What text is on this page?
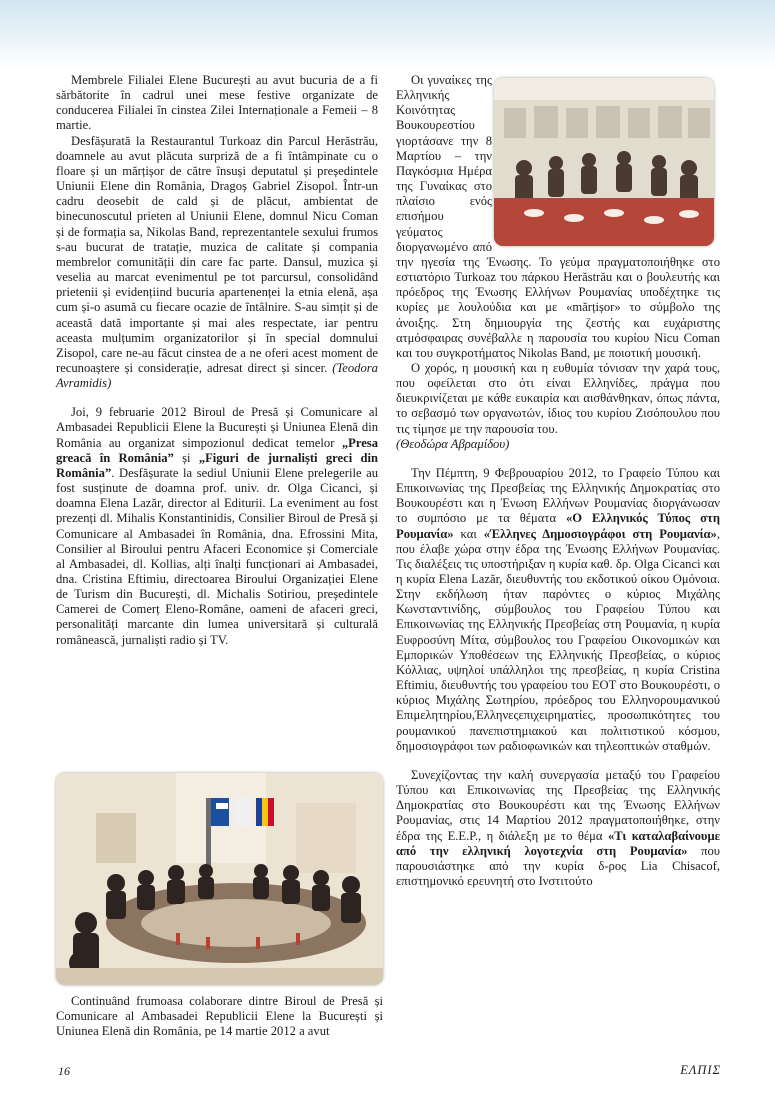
Membrele Filialei Elene București au avut bucuria de a fi sărbătorite în cadrul unei mese festive organizate de conducerea Filialei în cinstea Zilei Internaționale a Femeii – 8 martie.

Desfășurată la Restaurantul Turkoaz din Parcul Herăstrău, doamnele au avut plăcuta surpriză de a fi întâmpinate cu o floare și un mărțișor de către însuși deputatul și președintele Uniunii Elene din România, Dragoș Gabriel Zisopol. Într-un cadru deosebit de cald și de plăcut, ambientat de binecunoscutul prieten al Uniunii Elene, domnul Nicu Coman și de formația sa, Nikolas Band, reprezentantele sexului frumos s-au bucurat de tratație, muzica de calitate și compania membrelor comunității din care fac parte. Dansul, muzica și veselia au marcat evenimentul pe tot parcursul, consolidând prietenii și evidențiind bucuria apartenenței la etnia elenă, așa cum și-o asumă cu fiecare ocazie de întâlnire. S-au simțit și de această dată importante și mai ales respectate, iar pentru aceasta mulțumim organizatorilor și în special domnului Zisopol, care ne-au făcut cinstea de a ne oferi acest moment de recunoaștere și considerație, adresat direct și sincer. (Teodora Avramidis)

Joi, 9 februarie 2012 Biroul de Presă și Comunicare al Ambasadei Republicii Elene la București și Uniunea Elenă din România au organizat simpozionul dedicat temelor „Presa greacă în România” și „Figuri de jurnaliști greci din România”. Desfășurate la sediul Uniunii Elene prelegerile au fost susținute de doamna prof. univ. dr. Olga Cicanci, și doamna Elena Lazăr, director al Editurii. La eveniment au fost prezenți dl. Mihalis Konstantinidis, Consilier Biroul de Presă și Comunicare al Ambasadei în România, dna. Efrossini Mita, Consilier al Biroului pentru Afaceri Economice și Comerciale al Ambasadei, dl. Kollias, alți înalți funcționari ai Ambasadei, dna. Cristina Eftimiu, directoarea Biroului Organizației Elene de Turism din București, dl. Michalis Sotiriou, președintele Camerei de Comerț Eleno-Române, oameni de afaceri greci, personalități marcante din lumea universitară și culturală românească, jurnaliști radio și TV.

Continuând frumoasa colaborare dintre Biroul de Presă și Comunicare al Ambasadei Republicii Elene la București și Uniunea Elenă din România, pe 14 martie 2012 a avut

Οι γυναίκες της Ελληνικής Κοινότητας Βουκουρεστίου γιορτάσανε την 8 Μαρτίου – την Παγκόσμια Ημέρα της Γυναίκας στο πλαίσιο ενός επισήμου γεύματος διοργανωμένο από την ηγεσία της Ένωσης. Το γεύμα πραγματοποιήθηκε στο εστιατόριο Turkoaz του πάρκου Herăstrău και ο βουλευτής και πρόεδρος της Ένωσης Ελλήνων Ρουμανίας υποδέχτηκε τις κυρίες με λουλούδια και με «mărțișor» το σύμβολο της άνοιξης. Στη δημιουργία της ζεστής και ευχάριστης ατμόσφαιρας συνέβαλλε η παρουσία του κυρίου Nicu Coman και του συγκροτήματος Nikolas Band, με ποιοτική μουσική.

Ο χορός, η μουσική και η ευθυμία τόνισαν την χαρά τους, που οφείλεται στο ότι είναι Ελληνίδες, πράγμα που διευκρινίζεται με κάθε ευκαιρία και αισθάνθηκαν, όπως πάντα, το σεβασμό των οργανωτών, ίδιος του κυρίου Ζισόπουλου που τις τίμησε με την παρουσία του.

(Θεοδώρα Αβραμίδου)

Την Πέμπτη, 9 Φεβρουαρίου 2012, το Γραφείο Τύπου και Επικοινωνίας της Πρεσβείας της Ελληνικής Δημοκρατίας στο Βουκουρέστι και η Ένωση Ελλήνων Ρουμανίας διοργάνωσαν το συμπόσιο με τα θέματα «Ο Ελληνικός Τύπος στη Ρουμανία» και «Έλληνες Δημοσιογράφοι στη Ρουμανία», που έλαβε χώρα στην έδρα της Ένωσης Ελλήνων Ρουμανίας. Τις διαλέξεις τις υποστήριξαν η κυρία καθ. δρ. Olga Cicanci και η κυρία Elena Lazăr, διευθυντής του εκδοτικού οίκου Ομόνοια. Στην εκδήλωση ήταν παρόντες ο κύριος Μιχάλης Κωνσταντινίδης, σύμβουλος του Γραφείου Τύπου και Επικοινωνίας της Ελληνικής Πρεσβείας στη Ρουμανία, η κυρία Ευφροσύνη Μίτα, σύμβουλος του Γραφείου Οικονομικών και Εμπορικών Υποθέσεων της Ελληνικής Πρεσβείας, ο κύριος Κόλλιας, υψηλοί υπάλληλοι της πρεσβείας, η κυρία Cristina Eftimiu, διευθυντής του γραφείου του ΕΟΤ στο Βουκουρέστι, ο κύριος Μιχάλης Σωτηρίου, πρόεδρος του Ελληνορουμανικού Επιμελητηρίου,Έλληνεςεπιχειρηματίες, προσωπικότητες του ρουμανικού πανεπιστημιακού και πολιτιστικού κόσμου, δημοσιογράφοι των ραδιοφωνικών και τηλεοπτικών σταθμών.

Συνεχίζοντας την καλή συνεργασία μεταξύ του Γραφείου Τύπου και Επικοινωνίας της Πρεσβείας της Ελληνικής Δημοκρατίας στο Βουκουρέστι και της Ένωσης Ελλήνων Ρουμανίας, στις 14 Μαρτίου 2012 πραγματοποιήθηκε, στην έδρα της Ε.Ε.Ρ., η διάλεξη με το θέμα «Τι καταλαβαίνουμε από την ελληνική λογοτεχνία στη Ρουμανία» που παρουσιάστηκε από την κυρία δ-ρος Lia Chisacof, επιστημονικό ερευνητή στο Ινστιτούτο

16	ΕΛΠΙΣ
